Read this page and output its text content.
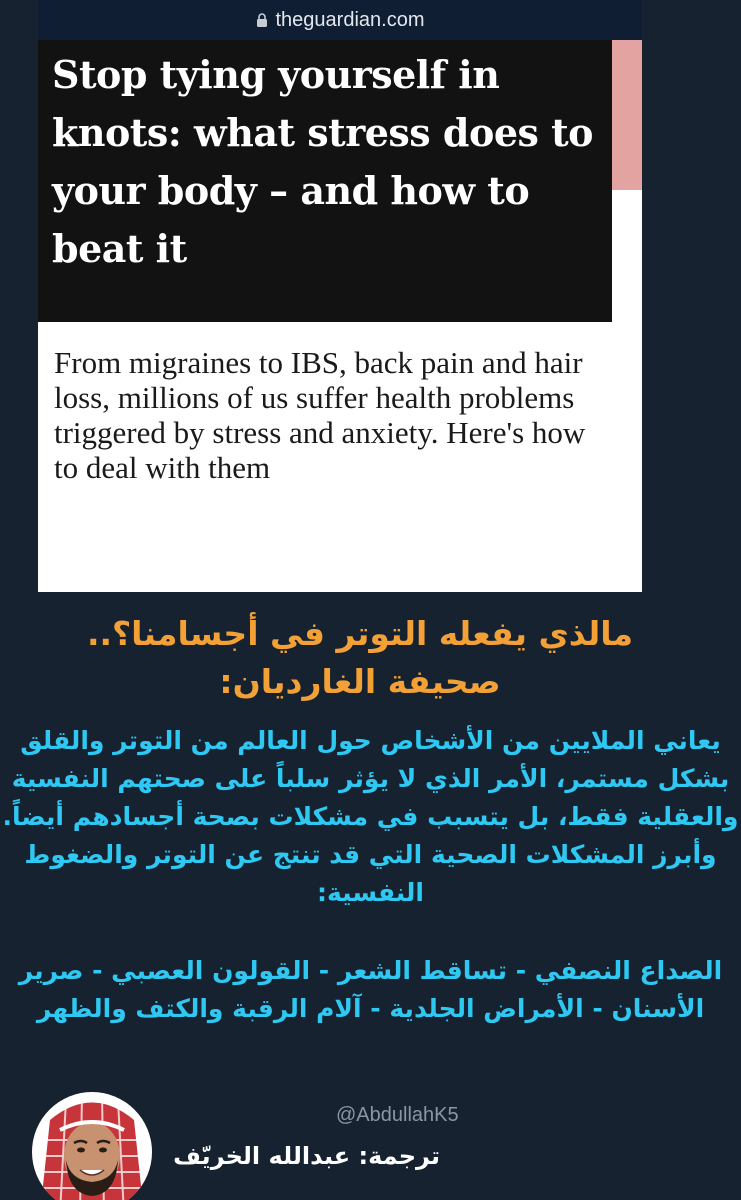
theguardian.com
Stop tying yourself in knots: what stress does to your body – and how to beat it

From migraines to IBS, back pain and hair loss, millions of us suffer health problems triggered by stress and anxiety. Here's how to deal with them

مالذي يفعله التوتر في أجسامنا؟..
صحيفة الغارديان:

يعاني الملايين من الأشخاص حول العالم من التوتر والقلق بشكل مستمر، الأمر الذي لا يؤثر سلباً على صحتهم النفسية والعقلية فقط، بل يتسبب في مشكلات بصحة أجسادهم أيضاً. وأبرز المشكلات الصحية التي قد تنتج عن التوتر والضغوط النفسية:

الصداع النصفي - تساقط الشعر - القولون العصبي - صرير الأسنان - الأمراض الجلدية - آلام الرقبة والكتف والظهر

@AbdullahK5
ترجمة: عبدالله الخريّف
